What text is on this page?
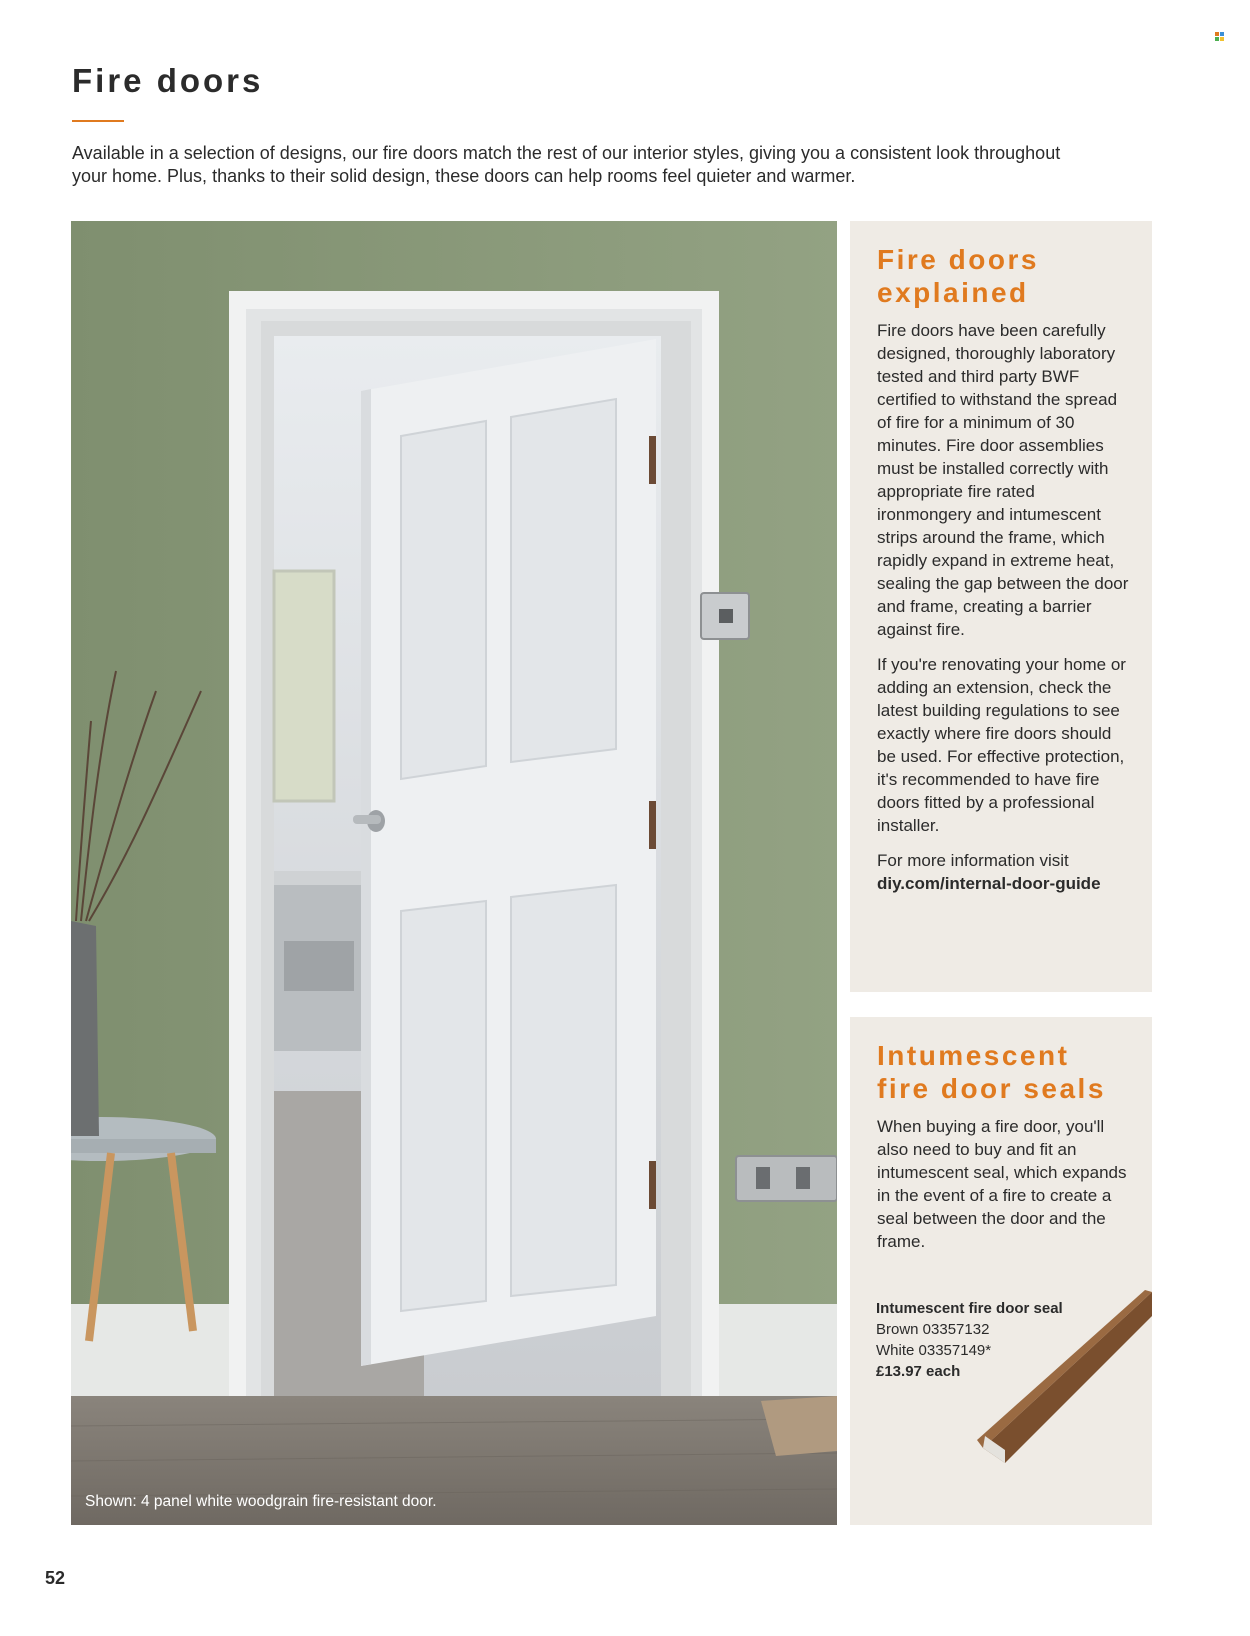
Fire doors

Available in a selection of designs, our fire doors match the rest of our interior styles, giving you a consistent look throughout your home. Plus, thanks to their solid design, these doors can help rooms feel quieter and warmer.

Shown: 4 panel white woodgrain fire-resistant door.
Fire doors explained

Fire doors have been carefully designed, thoroughly laboratory tested and third party BWF certified to withstand the spread of fire for a minimum of 30 minutes. Fire door assemblies must be installed correctly with appropriate fire rated ironmongery and intumescent strips around the frame, which rapidly expand in extreme heat, sealing the gap between the door and frame, creating a barrier against fire.

If you're renovating your home or adding an extension, check the latest building regulations to see exactly where fire doors should be used. For effective protection, it's recommended to have fire doors fitted by a professional installer.

For more information visit
diy.com/internal-door-guide

Intumescent fire door seals

When buying a fire door, you'll also need to buy and fit an intumescent seal, which expands in the event of a fire to create a seal between the door and the frame.

Intumescent fire door seal
Brown 03357132
White 03357149*
£13.97 each
52
